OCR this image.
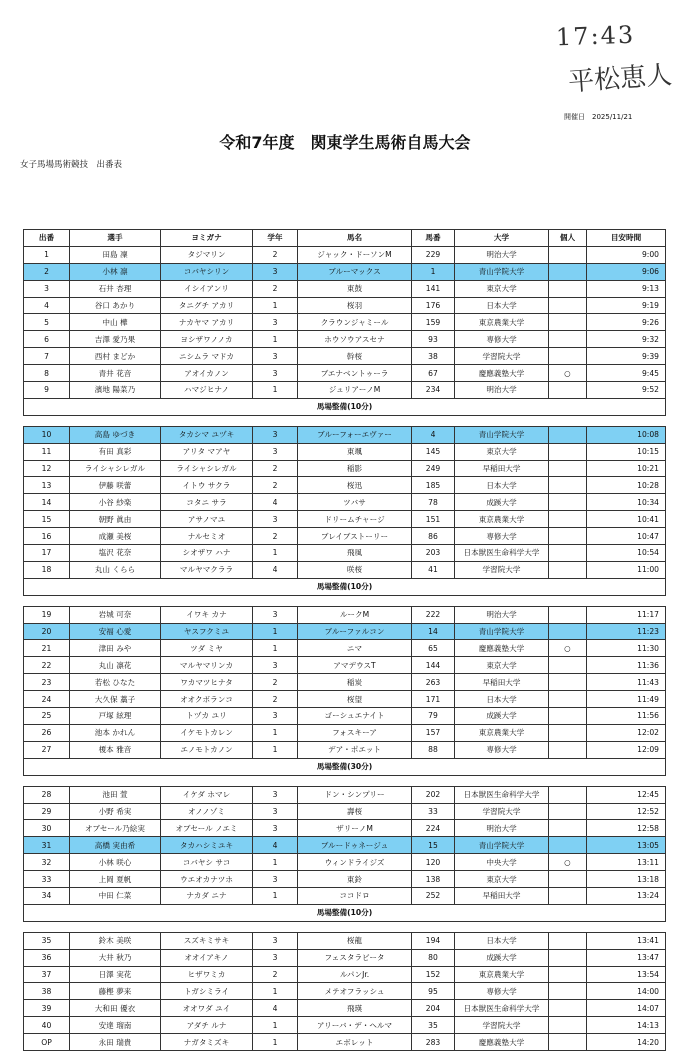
17:43
平松恵人
開催日　2025/11/21
令和7年度　関東学生馬術自馬大会
女子馬場馬術競技　出番表
出番	選手	ヨミガナ	学年	馬名	馬番	大学	個人	目安時間
1	田島 凜	タジマリン	2	ジャック・ドーソンM	229	明治大学		9:00
2	小林 凛	コバヤシリン	3	ブルーマックス	1	青山学院大学		9:06
3	石井 杏理	イシイアンリ	2	東鼓	141	東京大学		9:13
4	谷口 あかり	タニグチ アカリ	1	桜羽	176	日本大学		9:19
5	中山 樺	ナカヤマ アカリ	3	クラウンジャミール	159	東京農業大学		9:26
6	吉澤 愛乃果	ヨシザワノノカ	1	ホウソウアスセナ	93	専修大学		9:32
7	西村 まどか	ニシムラ マドカ	3	幹桜	38	学習院大学		9:39
8	青井 花音	アオイカノン	3	ブエナベントゥーラ	67	慶應義塾大学	○	9:45
9	濱地 陽菜乃	ハマジヒナノ	1	ジュリアーノM	234	明治大学		9:52
馬場整備(10分)								

10	高島 ゆづき	タカシマ ユヅキ	3	ブルーフォーエヴァー	4	青山学院大学		10:08
11	有田 真彩	アリタ マアヤ	3	東颯	145	東京大学		10:15
12	ライシャシレガル	ライシャシレガル	2	稲影	249	早稲田大学		10:21
13	伊藤 咲蕾	イトウ サクラ	2	桜迅	185	日本大学		10:28
14	小谷 紗楽	コタニ サラ	4	ツバサ	78	成蹊大学		10:34
15	朝野 眞由	アサノマユ	3	ドリームチャージ	151	東京農業大学		10:41
16	成瀬 美桜	ナルセミオ	2	ブレイブストーリー	86	専修大学		10:47
17	塩沢 花奈	シオザワ ハナ	1	飛風	203	日本獣医生命科学大学		10:54
18	丸山 くらら	マルヤマクララ	4	咲桜	41	学習院大学		11:00
馬場整備(10分)								

19	岩城 可奈	イワキ カナ	3	ルークM	222	明治大学		11:17
20	安福 心愛	ヤスフクミユ	1	ブルーファルコン	14	青山学院大学		11:23
21	津田 みや	ツダ ミヤ	1	ニマ	65	慶應義塾大学	○	11:30
22	丸山 凛花	マルヤマリンカ	3	アマデウスT	144	東京大学		11:36
23	若松 ひなた	ワカマツヒナタ	2	稲炭	263	早稲田大学		11:43
24	大久保 藁子	オオクボランコ	2	桜望	171	日本大学		11:49
25	戸塚 絃理	トヅカ ユリ	3	ゴーシュエナイト	79	成蹊大学		11:56
26	池本 かれん	イケモトカレン	1	フォスキーア	157	東京農業大学		12:02
27	榎本 雅音	エノモトカノン	1	デア・ポエット	88	専修大学		12:09
馬場整備(30分)								

28	池田 萱	イケダ ホマレ	3	ドン・シンプリー	202	日本獣医生命科学大学		12:45
29	小野 希実	オノノゾミ	3	壽桜	33	学習院大学		12:52
30	オブセール乃絵実	オブセール ノエミ	3	ザリーノM	224	明治大学		12:58
31	高橋 実由希	タカハシミユキ	4	ブルードゥネージュ	15	青山学院大学		13:05
32	小林 咲心	コバヤシ サコ	1	ウィンドライジズ	120	中央大学	○	13:11
33	上岡 夏帆	ウエオカナツホ	3	東鈴	138	東京大学		13:18
34	中田 仁菜	ナカダ ニナ	1	ココドロ	252	早稲田大学		13:24
馬場整備(10分)								

35	鈴木 美咲	スズキミサキ	3	桜龍	194	日本大学		13:41
36	大井 秋乃	オオイアキノ	3	フェスタラビータ	80	成蹊大学		13:47
37	日澤 実花	ヒザワミカ	2	ルパンJr.	152	東京農業大学		13:54
38	藤樫 夢来	トガシミライ	1	メテオフラッシュ	95	専修大学		14:00
39	大和田 優衣	オオワダ ユイ	4	飛瑛	204	日本獣医生命科学大学		14:07
40	安達 瑠南	アダチ ルナ	1	アリーバ・デ・ヘルマ	35	学習院大学		14:13
OP	永田 瑞貴	ナガタミズキ	1	エボレット	283	慶應義塾大学		14:20
